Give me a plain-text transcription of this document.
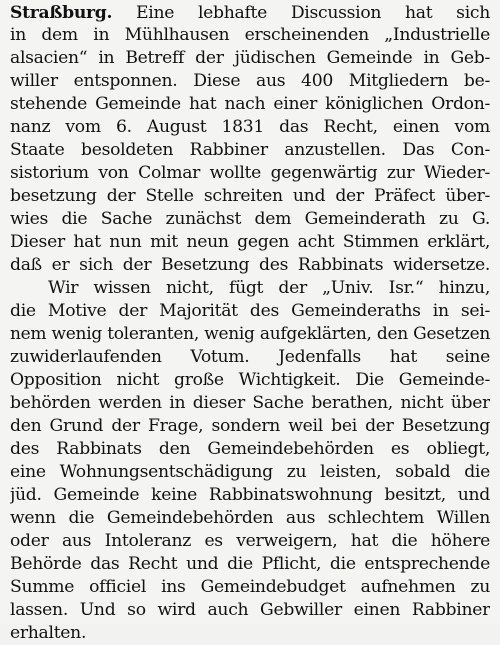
Straßburg. Eine lebhafte Discussion hat sich
in dem in Mühlhausen erscheinenden „Industrielle
alsacien“ in Betreff der jüdischen Gemeinde in Geb-
willer entsponnen. Diese aus 400 Mitgliedern be-
stehende Gemeinde hat nach einer königlichen Ordon-
nanz vom 6. August 1831 das Recht, einen vom
Staate besoldeten Rabbiner anzustellen. Das Con-
sistorium von Colmar wollte gegenwärtig zur Wieder-
besetzung der Stelle schreiten und der Präfect über-
wies die Sache zunächst dem Gemeinderath zu G.
Dieser hat nun mit neun gegen acht Stimmen erklärt,
daß er sich der Besetzung des Rabbinats widersetze.
Wir wissen nicht, fügt der „Univ. Isr.“ hinzu,
die Motive der Majorität des Gemeinderaths in sei-
nem wenig toleranten, wenig aufgeklärten, den Gesetzen
zuwiderlaufenden Votum. Jedenfalls hat seine
Opposition nicht große Wichtigkeit. Die Gemeinde-
behörden werden in dieser Sache berathen, nicht über
den Grund der Frage, sondern weil bei der Besetzung
des Rabbinats den Gemeindebehörden es obliegt,
eine Wohnungsentschädigung zu leisten, sobald die
jüd. Gemeinde keine Rabbinatswohnung besitzt, und
wenn die Gemeindebehörden aus schlechtem Willen
oder aus Intoleranz es verweigern, hat die höhere
Behörde das Recht und die Pflicht, die entsprechende
Summe officiel ins Gemeindebudget aufnehmen zu
lassen. Und so wird auch Gebwiller einen Rabbiner
erhalten.
